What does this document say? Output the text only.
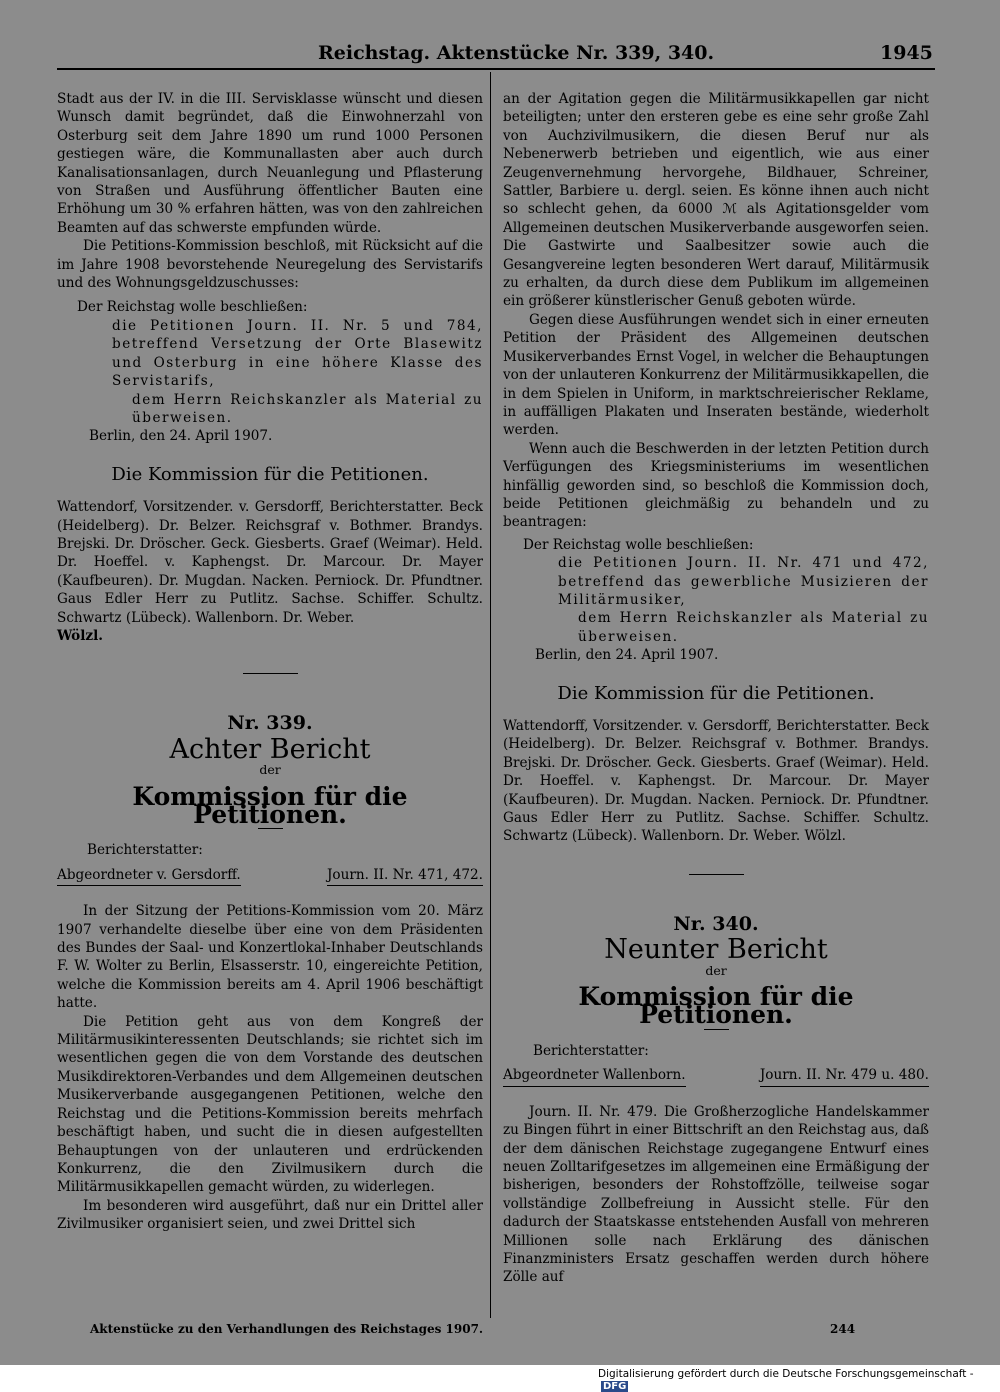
Reichstag. Aktenstücke Nr. 339, 340.	1945

Stadt aus der IV. in die III. Servisklasse wünscht und diesen Wunsch damit begründet, daß die Einwohnerzahl von Osterburg seit dem Jahre 1890 um rund 1000 Personen gestiegen wäre, die Kommunallasten aber auch durch Kanalisationsanlagen, durch Neuanlegung und Pflasterung von Straßen und Ausführung öffentlicher Bauten eine Erhöhung um 30 % erfahren hätten, was von den zahlreichen Beamten auf das schwerste empfunden würde.

Die Petitions-Kommission beschloß, mit Rücksicht auf die im Jahre 1908 bevorstehende Neuregelung des Servistarifs und des Wohnungsgeldzuschusses:

Der Reichstag wolle beschließen:

die Petitionen Journ. II. Nr. 5 und 784, betreffend Versetzung der Orte Blasewitz und Osterburg in eine höhere Klasse des Servistarifs,

dem Herrn Reichskanzler als Material zu überweisen.

Berlin, den 24. April 1907.

Die Kommission für die Petitionen.

Wattendorf, Vorsitzender. v. Gersdorff, Berichterstatter. Beck (Heidelberg). Dr. Belzer. Reichsgraf v. Bothmer. Brandys. Brejski. Dr. Dröscher. Geck. Giesberts. Graef (Weimar). Held. Dr. Hoeffel. v. Kaphengst. Dr. Marcour. Dr. Mayer (Kaufbeuren). Dr. Mugdan. Nacken. Perniock. Dr. Pfundtner. Gaus Edler Herr zu Putlitz. Sachse. Schiffer. Schultz. Schwartz (Lübeck). Wallenborn. Dr. Weber.

Wölzl.

Nr. 339.
Achter Bericht
der
Kommission für die Petitionen.

Berichterstatter:

Abgeordneter v. Gersdorff.	Journ. II. Nr. 471, 472.

In der Sitzung der Petitions-Kommission vom 20. März 1907 verhandelte dieselbe über eine von dem Präsidenten des Bundes der Saal- und Konzertlokal-Inhaber Deutschlands F. W. Wolter zu Berlin, Elsasserstr. 10, eingereichte Petition, welche die Kommission bereits am 4. April 1906 beschäftigt hatte.

Die Petition geht aus von dem Kongreß der Militärmusikinteressenten Deutschlands; sie richtet sich im wesentlichen gegen die von dem Vorstande des deutschen Musikdirektoren-Verbandes und dem Allgemeinen deutschen Musikerverbande ausgegangenen Petitionen, welche den Reichstag und die Petitions-Kommission bereits mehrfach beschäftigt haben, und sucht die in diesen aufgestellten Behauptungen von der unlauteren und erdrückenden Konkurrenz, die den Zivilmusikern durch die Militärmusikkapellen gemacht würden, zu widerlegen.

Im besonderen wird ausgeführt, daß nur ein Drittel aller Zivilmusiker organisiert seien, und zwei Drittel sich

an der Agitation gegen die Militärmusikkapellen gar nicht beteiligten; unter den ersteren gebe es eine sehr große Zahl von Auchzivilmusikern, die diesen Beruf nur als Nebenerwerb betrieben und eigentlich, wie aus einer Zeugenvernehmung hervorgehe, Bildhauer, Schreiner, Sattler, Barbiere u. dergl. seien. Es könne ihnen auch nicht so schlecht gehen, da 6000 ℳ als Agitationsgelder vom Allgemeinen deutschen Musikerverbande ausgeworfen seien. Die Gastwirte und Saalbesitzer sowie auch die Gesangvereine legten besonderen Wert darauf, Militärmusik zu erhalten, da durch diese dem Publikum im allgemeinen ein größerer künstlerischer Genuß geboten würde.

Gegen diese Ausführungen wendet sich in einer erneuten Petition der Präsident des Allgemeinen deutschen Musikerverbandes Ernst Vogel, in welcher die Behauptungen von der unlauteren Konkurrenz der Militärmusikkapellen, die in dem Spielen in Uniform, in marktschreierischer Reklame, in auffälligen Plakaten und Inseraten bestände, wiederholt werden.

Wenn auch die Beschwerden in der letzten Petition durch Verfügungen des Kriegsministeriums im wesentlichen hinfällig geworden sind, so beschloß die Kommission doch, beide Petitionen gleichmäßig zu behandeln und zu beantragen:

Der Reichstag wolle beschließen:

die Petitionen Journ. II. Nr. 471 und 472, betreffend das gewerbliche Musizieren der Militärmusiker,

dem Herrn Reichskanzler als Material zu überweisen.

Berlin, den 24. April 1907.

Die Kommission für die Petitionen.

Wattendorff, Vorsitzender. v. Gersdorff, Berichterstatter. Beck (Heidelberg). Dr. Belzer. Reichsgraf v. Bothmer. Brandys. Brejski. Dr. Dröscher. Geck. Giesberts. Graef (Weimar). Held. Dr. Hoeffel. v. Kaphengst. Dr. Marcour. Dr. Mayer (Kaufbeuren). Dr. Mugdan. Nacken. Perniock. Dr. Pfundtner. Gaus Edler Herr zu Putlitz. Sachse. Schiffer. Schultz. Schwartz (Lübeck). Wallenborn. Dr. Weber. Wölzl.

Nr. 340.
Neunter Bericht
der
Kommission für die Petitionen.

Berichterstatter:

Abgeordneter Wallenborn.	Journ. II. Nr. 479 u. 480.

Journ. II. Nr. 479. Die Großherzogliche Handelskammer zu Bingen führt in einer Bittschrift an den Reichstag aus, daß der dem dänischen Reichstage zugegangene Entwurf eines neuen Zolltarifgesetzes im allgemeinen eine Ermäßigung der bisherigen, besonders der Rohstoffzölle, teilweise sogar vollständige Zollbefreiung in Aussicht stelle. Für den dadurch der Staatskasse entstehenden Ausfall von mehreren Millionen solle nach Erklärung des dänischen Finanzministers Ersatz geschaffen werden durch höhere Zölle auf

Aktenstücke zu den Verhandlungen des Reichstages 1907.	244
Digitalisierung gefördert durch die Deutsche Forschungsgemeinschaft -DFG
